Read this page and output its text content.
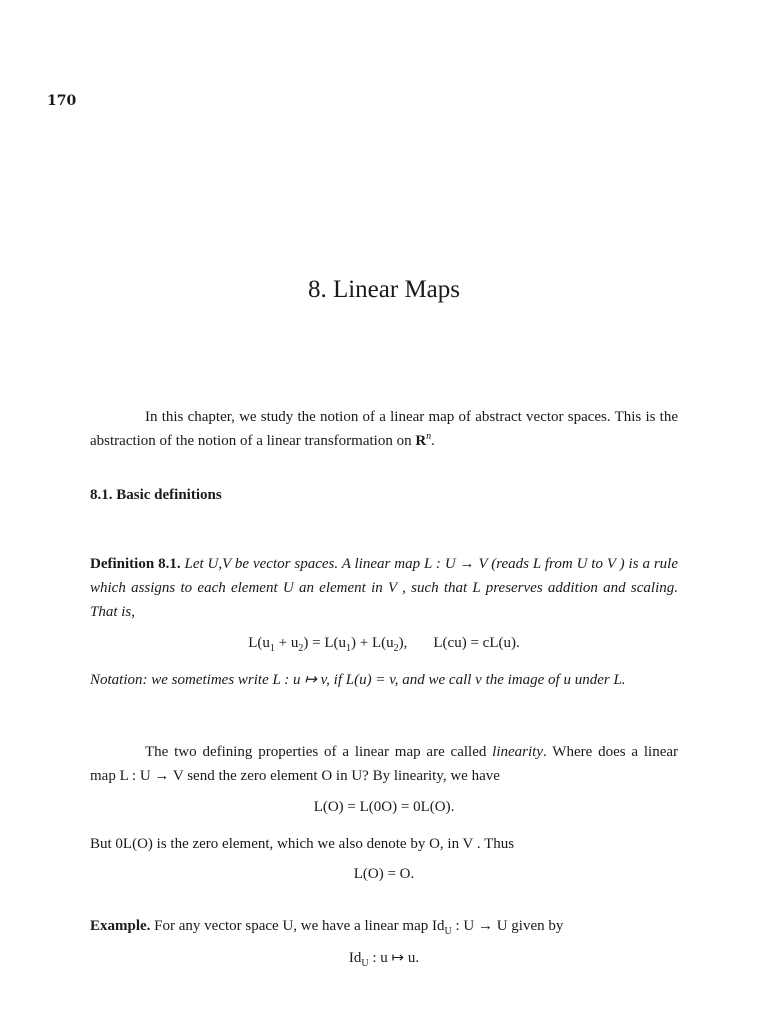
170
8. Linear Maps
In this chapter, we study the notion of a linear map of abstract vector spaces. This is the abstraction of the notion of a linear transformation on $R^n$.
8.1. Basic definitions
Definition 8.1. Let U,V be vector spaces. A linear map L : U → V (reads L from U to V ) is a rule which assigns to each element U an element in V , such that L preserves addition and scaling. That is,
$L(u_1 + u_2) = L(u_1) + L(u_2)$, L(cu) = cL(u).
Notation: we sometimes write L : u ↦ v, if L(u) = v, and we call v the image of u under L.
The two defining properties of a linear map are called linearity. Where does a linear map L : U → V send the zero element O in U? By linearity, we have
L(O) = L(0O) = 0L(O).
But 0L(O) is the zero element, which we also denote by O, in V . Thus
L(O) = O.
Example. For any vector space U, we have a linear map $Id_U$ : U → U given by
$Id_U$ : u ↦ u.
